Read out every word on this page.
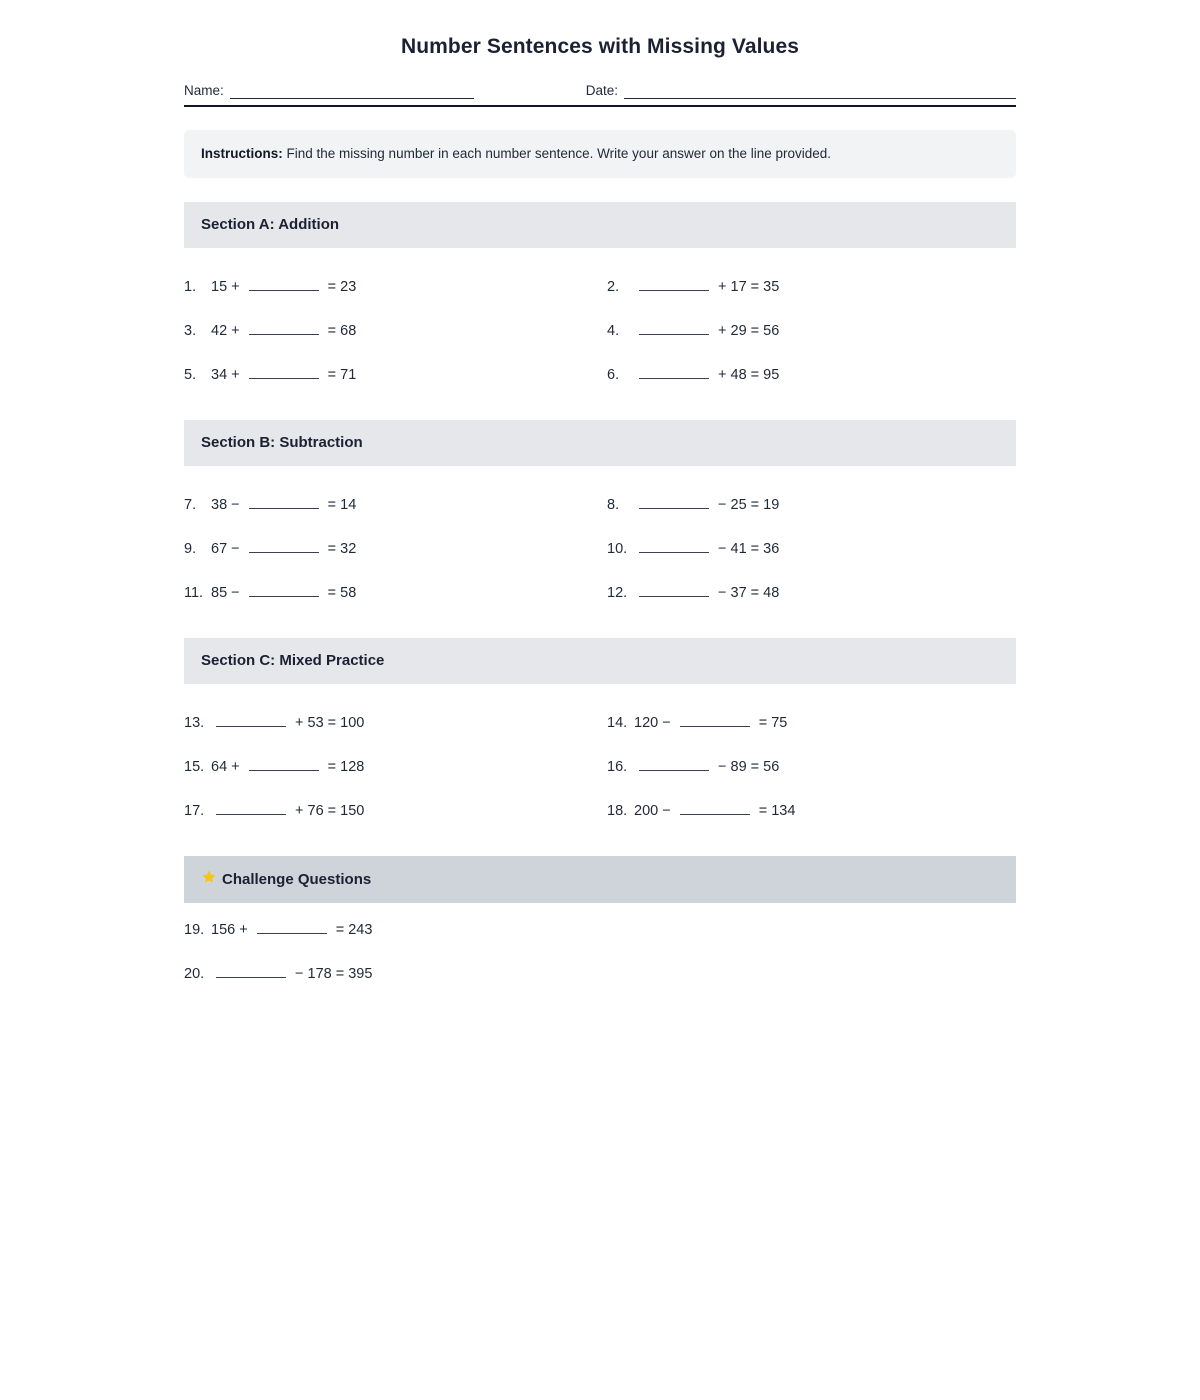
Number Sentences with Missing Values
Name:	Date:
Instructions: Find the missing number in each number sentence. Write your answer on the line provided.
Section A: Addition
1.	15 +	= 23	2.	+ 17 = 35
3.	42 +	= 68	4.	+ 29 = 56
5.	34 +	= 71	6.	+ 48 = 95
Section B: Subtraction
7.	38 −	= 14	8.	− 25 = 19
9.	67 −	= 32	10.	− 41 = 36
11. 85 −	= 58	12.	− 37 = 48
Section C: Mixed Practice
13.	+ 53 = 100	14. 120 −	= 75
15. 64 +	= 128	16.	− 89 = 56
17.	+ 76 = 150	18. 200 −	= 134
Challenge Questions
19. 156 +	= 243
20.	− 178 = 395
